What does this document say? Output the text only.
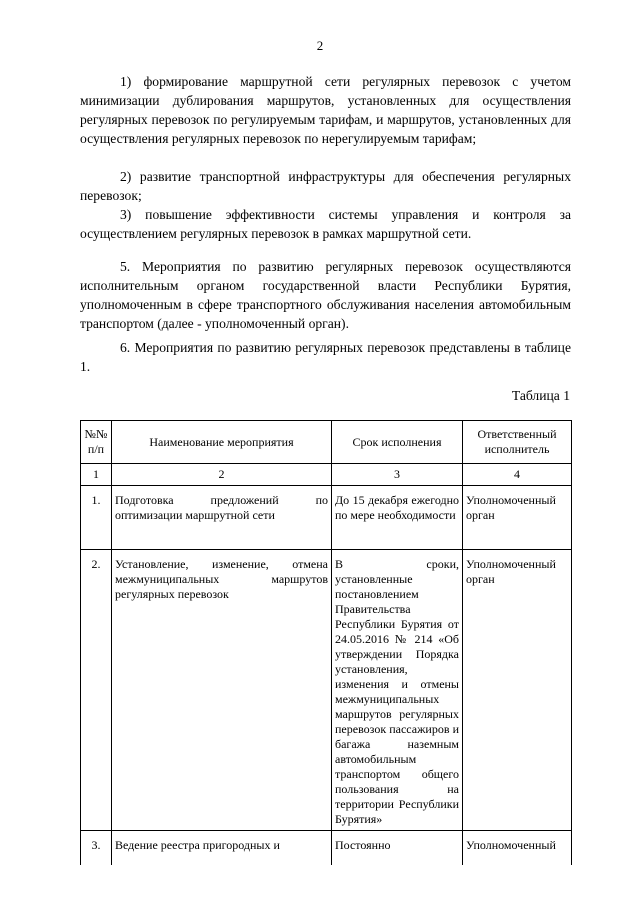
2

1) формирование маршрутной сети регулярных перевозок с учетом минимизации дублирования маршрутов, установленных для осуществления регулярных перевозок по регулируемым тарифам, и маршрутов, установленных для осуществления регулярных перевозок по нерегулируемым тарифам;

2) развитие транспортной инфраструктуры для обеспечения регулярных перевозок;

3) повышение эффективности системы управления и контроля за осуществлением регулярных перевозок в рамках маршрутной сети.

5. Мероприятия по развитию регулярных перевозок осуществляются исполнительным органом государственной власти Республики Бурятия, уполномоченным в сфере транспортного обслуживания населения автомобильным транспортом (далее - уполномоченный орган).

6. Мероприятия по развитию регулярных перевозок представлены в таблице 1.

Таблица 1
№№ п/п	Наименование мероприятия	Срок исполнения	Ответственный исполнитель
1	2	3	4
1.	Подготовка предложений по оптимизации маршрутной сети	До 15 декабря ежегодно по мере необходимости	Уполномоченный орган
2.	Установление, изменение, отмена межмуниципальных маршрутов регулярных перевозок	В сроки, установленные постановлением Правительства Республики Бурятия от 24.05.2016 № 214 «Об утверждении Порядка установления, изменения и отмены межмуниципальных маршрутов регулярных перевозок пассажиров и багажа наземным автомобильным транспортом общего пользования на территории Республики Бурятия»	Уполномоченный орган
3.	Ведение реестра пригородных и	Постоянно	Уполномоченный
